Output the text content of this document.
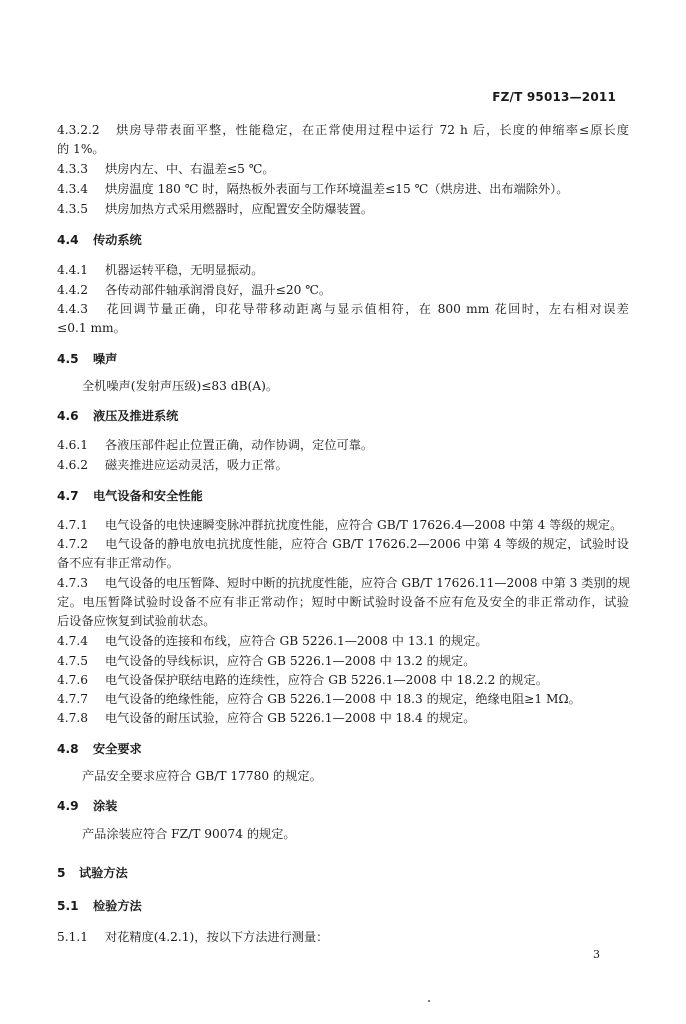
FZ/T 95013—2011
4.3.2.2 烘房导带表面平整，性能稳定，在正常使用过程中运行 72 h 后，长度的伸缩率≤原长度
的 1%。
4.3.3 烘房内左、中、右温差≤5 ℃。
4.3.4 烘房温度 180 ℃ 时，隔热板外表面与工作环境温差≤15 ℃（烘房进、出布端除外）。
4.3.5 烘房加热方式采用燃器时，应配置安全防爆装置。
4.4 传动系统
4.4.1 机器运转平稳，无明显振动。
4.4.2 各传动部件轴承润滑良好，温升≤20 ℃。
4.4.3 花回调节量正确，印花导带移动距离与显示值相符，在 800 mm 花回时，左右相对误差
≤0.1 mm。
4.5 噪声
全机噪声(发射声压级)≤83 dB(A)。
4.6 液压及推进系统
4.6.1 各液压部件起止位置正确，动作协调，定位可靠。
4.6.2 磁夹推进应运动灵活，吸力正常。
4.7 电气设备和安全性能
4.7.1 电气设备的电快速瞬变脉冲群抗扰度性能，应符合 GB/T 17626.4—2008 中第 4 等级的规定。
4.7.2 电气设备的静电放电抗扰度性能，应符合 GB/T 17626.2—2006 中第 4 等级的规定，试验时设
备不应有非正常动作。
4.7.3 电气设备的电压暂降、短时中断的抗扰度性能，应符合 GB/T 17626.11—2008 中第 3 类别的规
定。电压暂降试验时设备不应有非正常动作；短时中断试验时设备不应有危及安全的非正常动作，试验
后设备应恢复到试验前状态。
4.7.4 电气设备的连接和布线，应符合 GB 5226.1—2008 中 13.1 的规定。
4.7.5 电气设备的导线标识，应符合 GB 5226.1—2008 中 13.2 的规定。
4.7.6 电气设备保护联结电路的连续性，应符合 GB 5226.1—2008 中 18.2.2 的规定。
4.7.7 电气设备的绝缘性能，应符合 GB 5226.1—2008 中 18.3 的规定，绝缘电阻≥1 MΩ。
4.7.8 电气设备的耐压试验，应符合 GB 5226.1—2008 中 18.4 的规定。
4.8 安全要求
产品安全要求应符合 GB/T 17780 的规定。
4.9 涂装
产品涂装应符合 FZ/T 90074 的规定。
5 试验方法
5.1 检验方法
5.1.1 对花精度(4.2.1)，按以下方法进行测量：
3
